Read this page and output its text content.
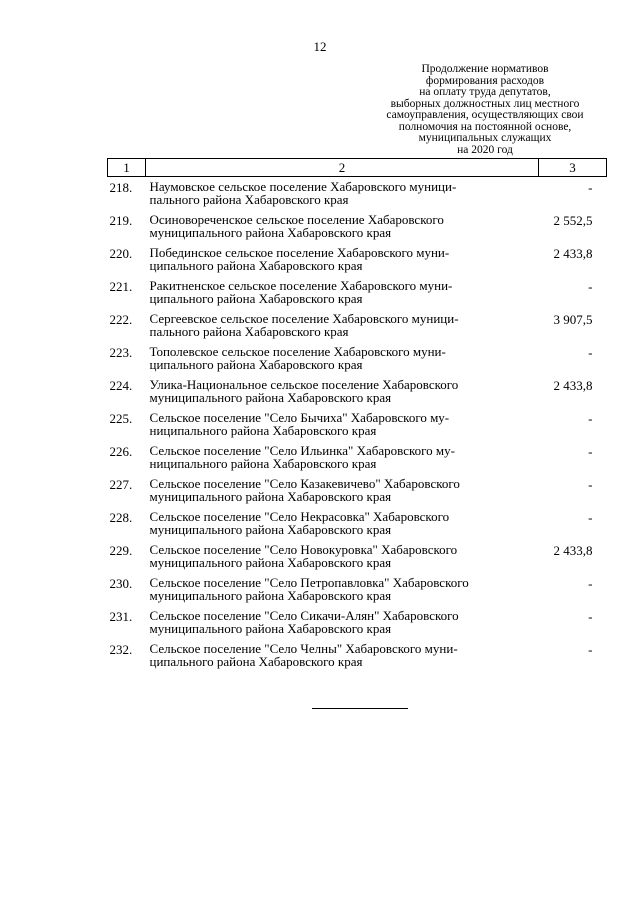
12
Продолжение нормативов
формирования расходов
на оплату труда депутатов,
выборных должностных лиц местного
самоуправления, осуществляющих свои
полномочия на постоянной основе,
муниципальных служащих
на 2020 год
1	2	3
218.	Наумовское сельское поселение Хабаровского муници-
пального района Хабаровского края	-
219.	Осиновореченское сельское поселение Хабаровского
муниципального района Хабаровского края	2 552,5
220.	Побединское сельское поселение Хабаровского муни-
ципального района Хабаровского края	2 433,8
221.	Ракитненское сельское поселение Хабаровского муни-
ципального района Хабаровского края	-
222.	Сергеевское сельское поселение Хабаровского муници-
пального района Хабаровского края	3 907,5
223.	Тополевское сельское поселение Хабаровского муни-
ципального района Хабаровского края	-
224.	Улика-Национальное сельское поселение Хабаровского
муниципального района Хабаровского края	2 433,8
225.	Сельское поселение "Село Бычиха" Хабаровского му-
ниципального района Хабаровского края	-
226.	Сельское поселение "Село Ильинка" Хабаровского му-
ниципального района Хабаровского края	-
227.	Сельское поселение "Село Казакевичево" Хабаровского
муниципального района Хабаровского края	-
228.	Сельское поселение "Село Некрасовка" Хабаровского
муниципального района Хабаровского края	-
229.	Сельское поселение "Село Новокуровка" Хабаровского
муниципального района Хабаровского края	2 433,8
230.	Сельское поселение "Село Петропавловка" Хабаровского
муниципального района Хабаровского края	-
231.	Сельское поселение "Село Сикачи-Алян" Хабаровского
муниципального района Хабаровского края	-
232.	Сельское поселение "Село Челны" Хабаровского муни-
ципального района Хабаровского края	-
